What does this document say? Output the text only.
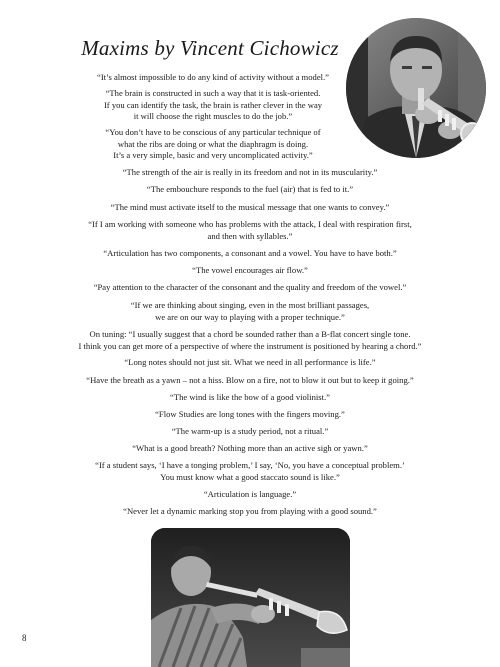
Maxims by Vincent Cichowicz

“It’s almost impossible to do any kind of activity without a model.”

“The brain is constructed in such a way that it is task-oriented.
If you can identify the task, the brain is rather clever in the way
it will choose the right muscles to do the job.”

“You don’t have to be conscious of any particular technique of
what the ribs are doing or what the diaphragm is doing.
It’s a very simple, basic and very uncomplicated activity.”

“The strength of the air is really in its freedom and not in its muscularity.”

“The embouchure responds to the fuel (air) that is fed to it.”

“The mind must activate itself to the musical message that one wants to convey.”

“If I am working with someone who has problems with the attack, I deal with respiration first,
and then with syllables.”

“Articulation has two components, a consonant and a vowel. You have to have both.”

“The vowel encourages air flow.”

“Pay attention to the character of the consonant and the quality and freedom of the vowel.”

“If we are thinking about singing, even in the most brilliant passages,
we are on our way to playing with a proper technique.”

On tuning: “I usually suggest that a chord be sounded rather than a B-flat concert single tone.
I think you can get more of a perspective of where the instrument is positioned by hearing a chord.”

“Long notes should not just sit. What we need in all performance is life.”

“Have the breath as a yawn – not a hiss. Blow on a fire, not to blow it out but to keep it going.”

“The wind is like the bow of a good violinist.”

“Flow Studies are long tones with the fingers moving.”

“The warm-up is a study period, not a ritual.”

“What is a good breath? Nothing more than an active sigh or yawn.”

“If a student says, ‘I have a tonging problem,’ I say, ‘No, you have a conceptual problem.’
You must know what a good staccato sound is like.”

“Articulation is language.”

“Never let a dynamic marking stop you from playing with a good sound.”

8
